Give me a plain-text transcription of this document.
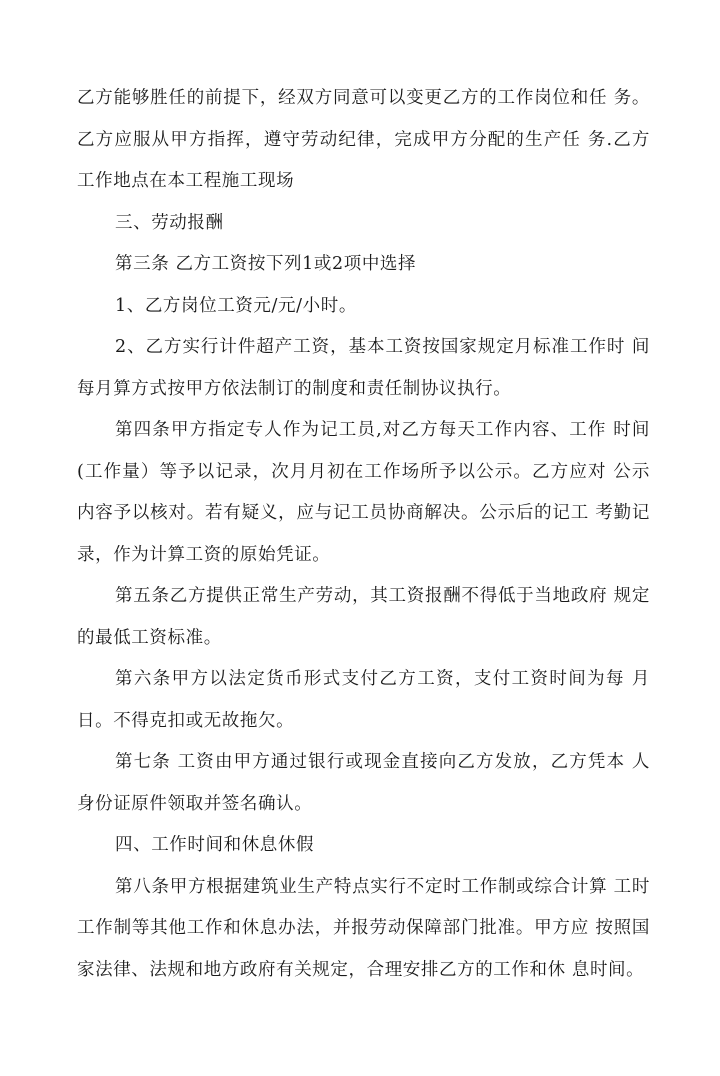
乙方能够胜任的前提下，经双方同意可以变更乙方的工作岗位和任 务。乙方应服从甲方指挥，遵守劳动纪律，完成甲方分配的生产任 务.乙方工作地点在本工程施工现场

三、劳动报酬

第三条 乙方工资按下列1或2项中选择

1、乙方岗位工资元/元/小时。

2、乙方实行计件超产工资，基本工资按国家规定月标准工作时 间每月算方式按甲方依法制订的制度和责任制协议执行。

第四条甲方指定专人作为记工员,对乙方每天工作内容、工作 时间(工作量）等予以记录，次月月初在工作场所予以公示。乙方应对 公示内容予以核对。若有疑义，应与记工员协商解决。公示后的记工 考勤记录，作为计算工资的原始凭证。

第五条乙方提供正常生产劳动，其工资报酬不得低于当地政府 规定的最低工资标准。

第六条甲方以法定货币形式支付乙方工资，支付工资时间为每 月 日。不得克扣或无故拖欠。

第七条 工资由甲方通过银行或现金直接向乙方发放，乙方凭本 人身份证原件领取并签名确认。

四、工作时间和休息休假

第八条甲方根据建筑业生产特点实行不定时工作制或综合计算 工时工作制等其他工作和休息办法，并报劳动保障部门批准。甲方应 按照国家法律、法规和地方政府有关规定，合理安排乙方的工作和休 息时间。
